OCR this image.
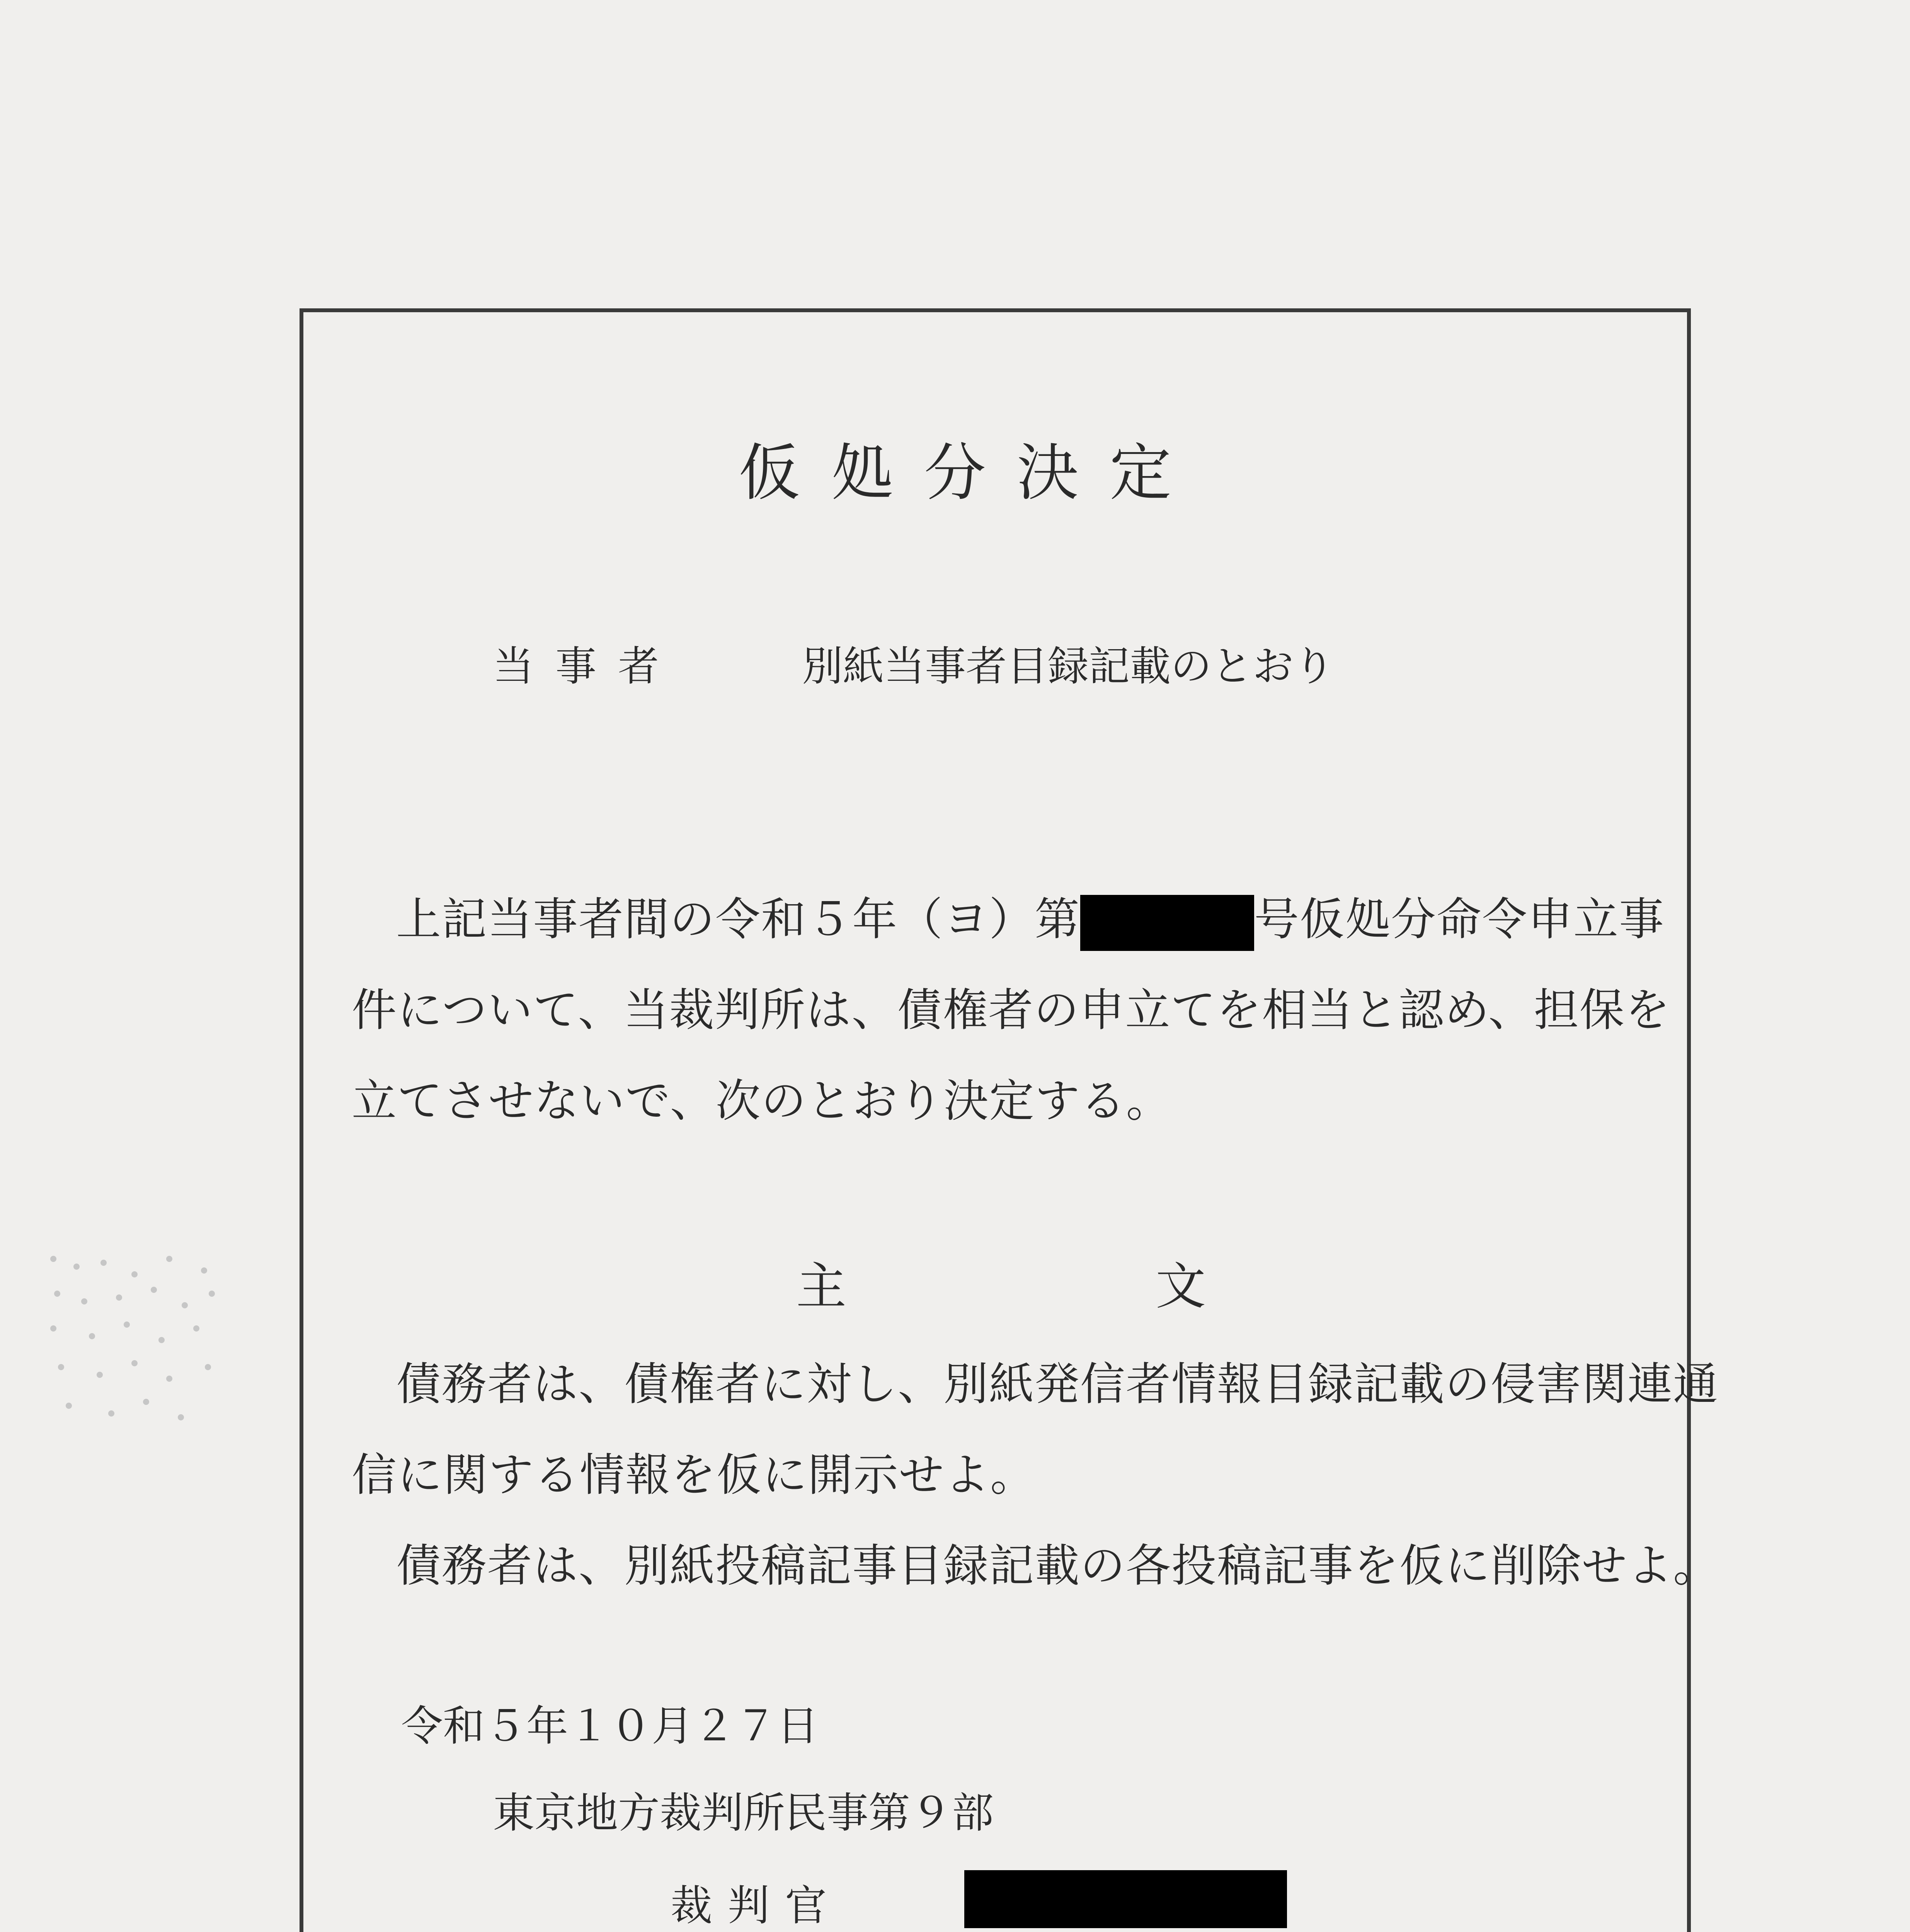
仮処分決定
当事者	別紙当事者目録記載のとおり
上記当事者間の令和５年（ヨ）第	号仮処分命令申立事
件について、当裁判所は、債権者の申立てを相当と認め、担保を
立てさせないで、次のとおり決定する。
主	文
債務者は、債権者に対し、別紙発信者情報目録記載の侵害関連通
信に関する情報を仮に開示せよ。
債務者は、別紙投稿記事目録記載の各投稿記事を仮に削除せよ。
令和５年１０月２７日
東京地方裁判所民事第９部
裁判官
